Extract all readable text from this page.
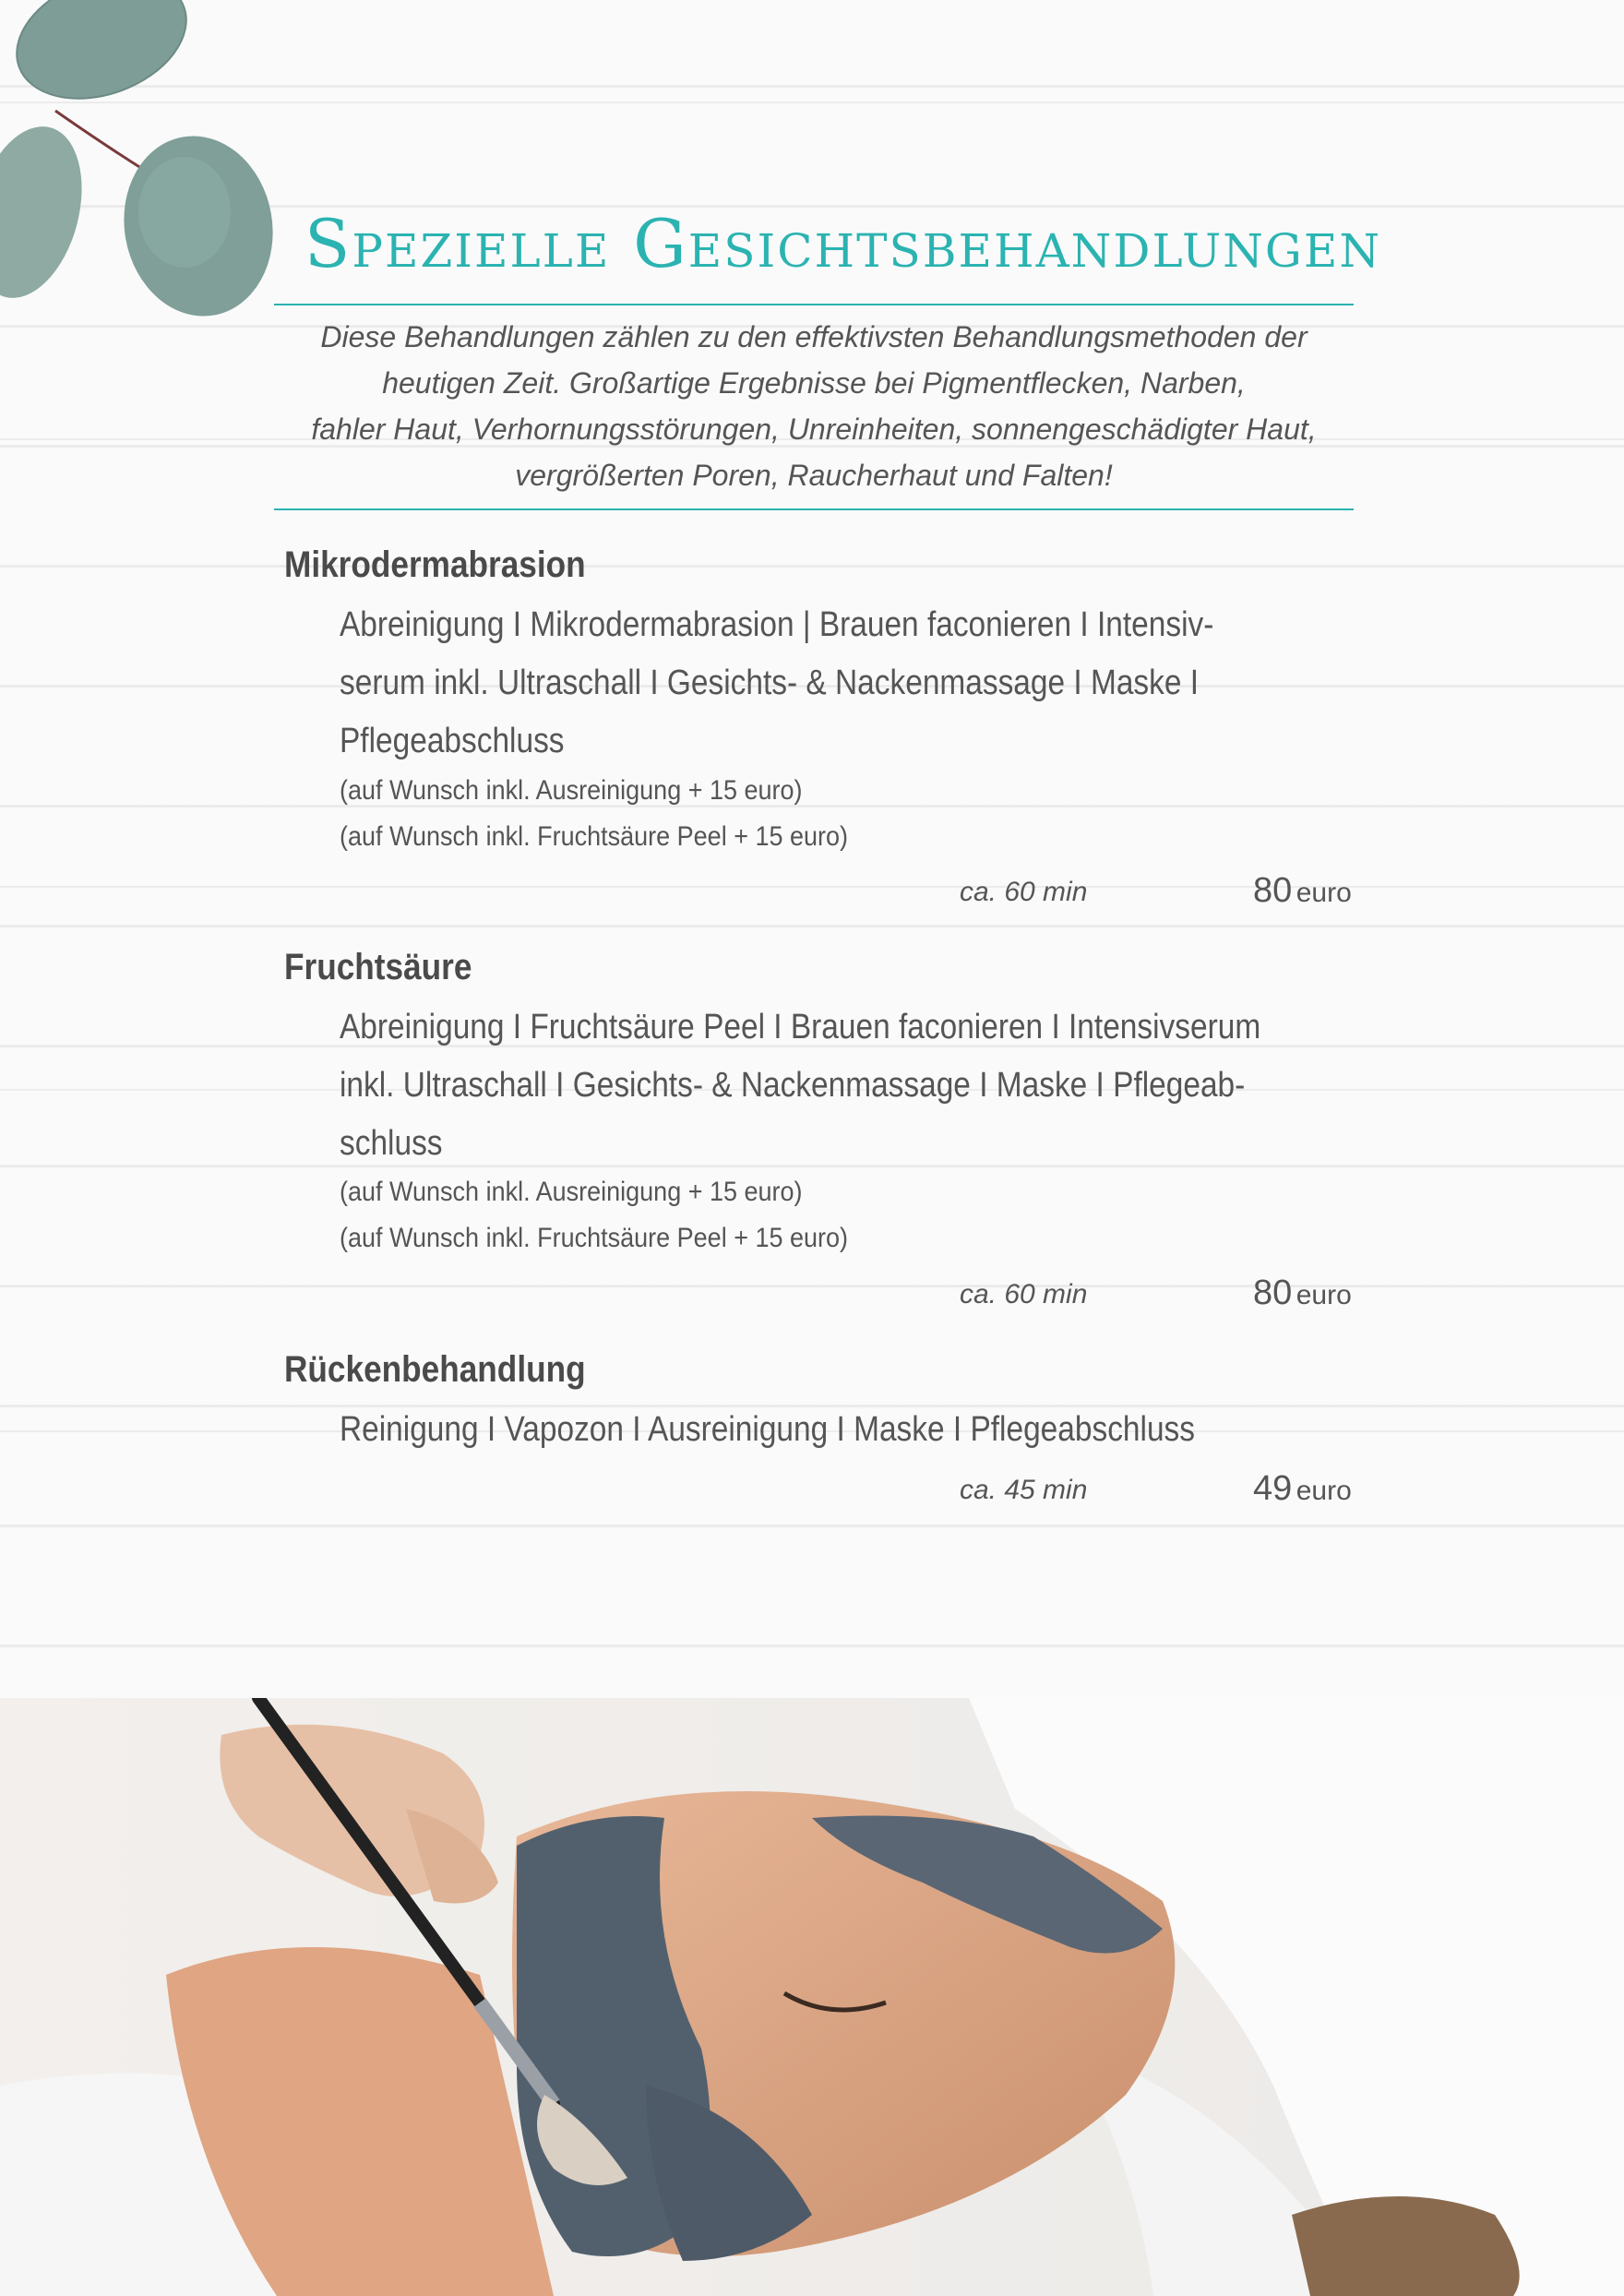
Spezielle Gesichtsbehandlungen
Diese Behandlungen zählen zu den effektivsten Behandlungsmethoden der
heutigen Zeit. Großartige Ergebnisse bei Pigmentflecken, Narben,
fahler Haut, Verhornungsstörungen, Unreinheiten, sonnengeschädigter Haut,
vergrößerten Poren, Raucherhaut und Falten!
Mikrodermabrasion
Abreinigung I Mikrodermabrasion | Brauen faconieren I Intensiv-
serum inkl. Ultraschall I Gesichts- & Nackenmassage I Maske I
Pflegeabschluss
(auf Wunsch inkl. Ausreinigung + 15 euro)
(auf Wunsch inkl. Fruchtsäure Peel + 15 euro)
ca. 60 min	80 euro
Fruchtsäure
Abreinigung I Fruchtsäure Peel I Brauen faconieren I Intensivserum
inkl. Ultraschall I Gesichts- & Nackenmassage I Maske I Pflegeab-
schluss
(auf Wunsch inkl. Ausreinigung + 15 euro)
(auf Wunsch inkl. Fruchtsäure Peel + 15 euro)
ca. 60 min	80 euro
Rückenbehandlung
Reinigung I Vapozon I Ausreinigung I Maske I Pflegeabschluss
ca. 45 min	49 euro
